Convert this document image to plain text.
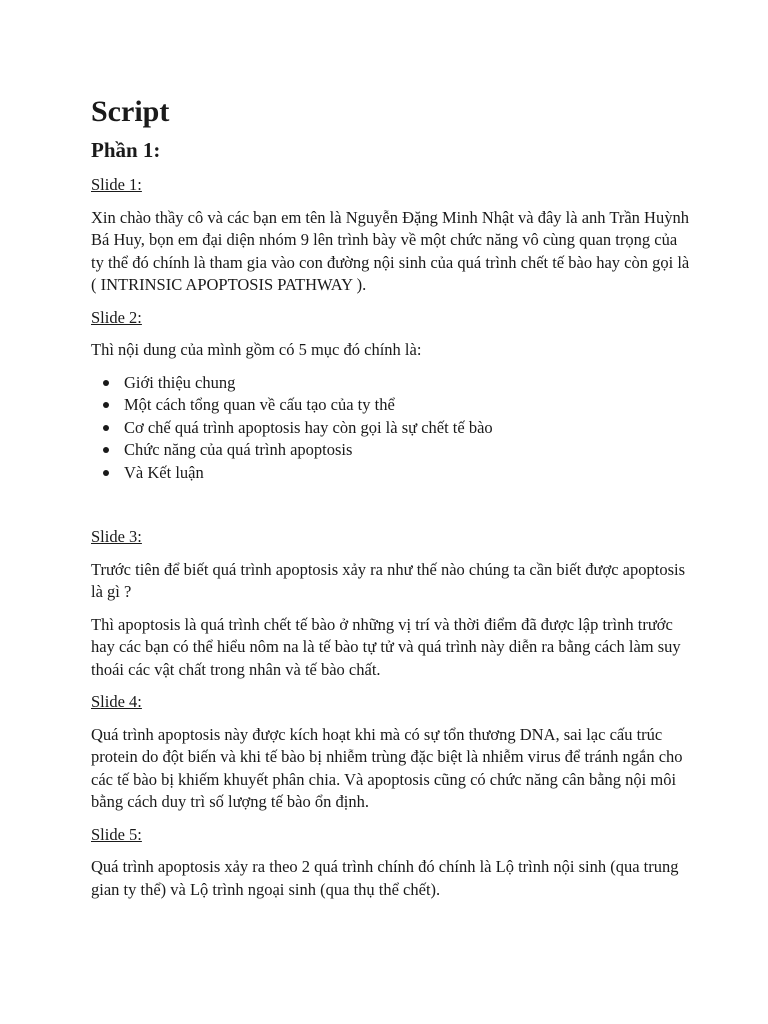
Script
Phần 1:
Slide 1:

Xin chào thầy cô và các bạn em tên là Nguyễn Đặng Minh Nhật và đây là anh Trần Huỳnh Bá Huy, bọn em đại diện nhóm 9 lên trình bày về một chức năng vô cùng quan trọng của ty thể đó chính là tham gia vào con đường nội sinh của quá trình chết tế bào hay còn gọi là ( INTRINSIC APOPTOSIS PATHWAY ).

Slide 2:

Thì nội dung của mình gồm có 5 mục đó chính là:

Giới thiệu chung
Một cách tổng quan về cấu tạo của ty thể
Cơ chế quá trình apoptosis hay còn gọi là sự chết tế bào
Chức năng của quá trình apoptosis
Và Kết luận
Slide 3:

Trước tiên để biết quá trình apoptosis xảy ra như thế nào chúng ta cần biết được apoptosis là gì ?

Thì apoptosis là quá trình chết tế bào ở những vị trí và thời điểm đã được lập trình trước hay các bạn có thể hiểu nôm na là tế bào tự tử và quá trình này diễn ra bằng cách làm suy thoái các vật chất trong nhân và tế bào chất.

Slide 4:

Quá trình apoptosis này được kích hoạt khi mà có sự tổn thương DNA, sai lạc cấu trúc protein do đột biến và khi tế bào bị nhiễm trùng đặc biệt là nhiễm virus để tránh ngắn cho các tế bào bị khiếm khuyết phân chia. Và apoptosis cũng có chức năng cân bằng nội môi bằng cách duy trì số lượng tế bào ổn định.

Slide 5:

Quá trình apoptosis xảy ra theo 2 quá trình chính đó chính là Lộ trình nội sinh (qua trung gian ty thể) và Lộ trình ngoại sinh (qua thụ thể chết).
